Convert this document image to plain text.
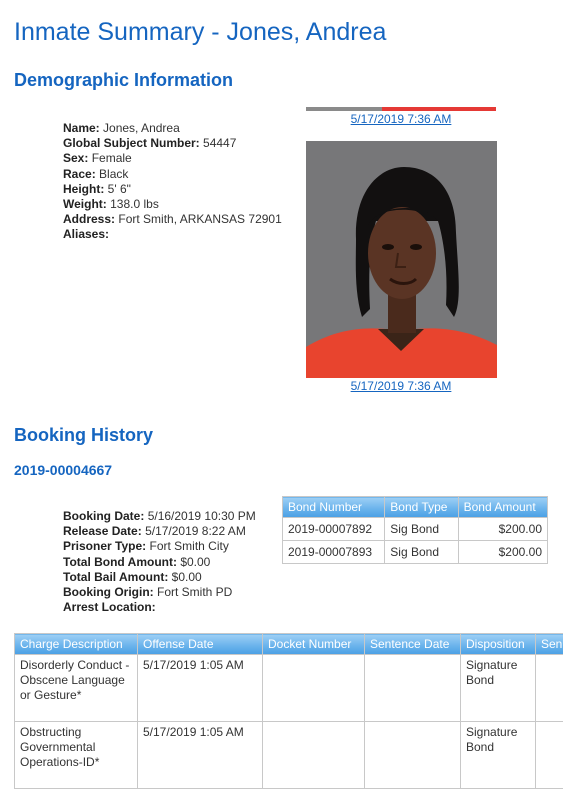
Inmate Summary - Jones, Andrea
Demographic Information
Name: Jones, Andrea
Global Subject Number: 54447
Sex: Female
Race: Black
Height: 5' 6"
Weight: 138.0 lbs
Address: Fort Smith, ARKANSAS 72901
Aliases:
5/17/2019 7:36 AM
5/17/2019 7:36 AM
Booking History
2019-00004667
Booking Date: 5/16/2019 10:30 PM
Release Date: 5/17/2019 8:22 AM
Prisoner Type: Fort Smith City
Total Bond Amount: $0.00
Total Bail Amount: $0.00
Booking Origin: Fort Smith PD
Arrest Location:
Bond Number	Bond Type	Bond Amount
2019-00007892	Sig Bond	$200.00
2019-00007893	Sig Bond	$200.00
Charge Description	Offense Date	Docket Number	Sentence Date	Disposition	Sen
Disorderly Conduct - Obscene Language or Gesture*	5/17/2019 1:05 AM			Signature Bond	
Obstructing Governmental Operations-ID*	5/17/2019 1:05 AM			Signature Bond	
